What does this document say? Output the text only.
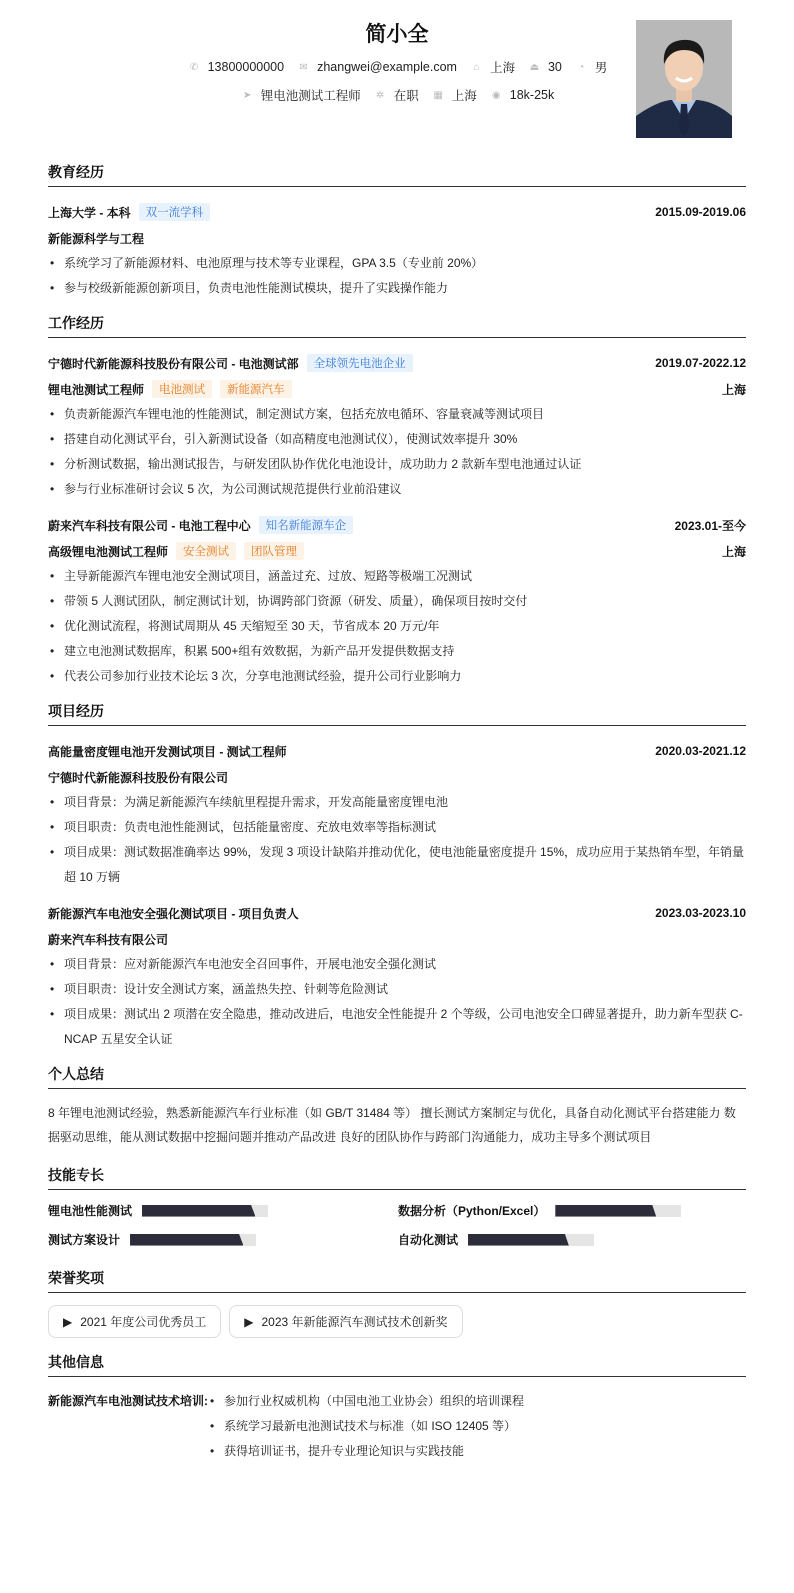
简小全
✆ 13800000000 ✉ zhangwei@example.com ⌂ 上海 ⏏ 30 ◔ 男
➤ 锂电池测试工程师 ✲ 在职 ▦ 上海 ◉ 18k-25k
教育经历
上海大学 - 本科	双一流学科	2015.09-2019.06
新能源科学与工程
• 系统学习了新能源材料、电池原理与技术等专业课程，GPA 3.5（专业前 20%）
• 参与校级新能源创新项目，负责电池性能测试模块，提升了实践操作能力
工作经历
宁德时代新能源科技股份有限公司 - 电池测试部	全球领先电池企业	2019.07-2022.12
锂电池测试工程师	电池测试	新能源汽车	上海
• 负责新能源汽车锂电池的性能测试，制定测试方案，包括充放电循环、容量衰减等测试项目
• 搭建自动化测试平台，引入新测试设备（如高精度电池测试仪），使测试效率提升 30%
• 分析测试数据，输出测试报告，与研发团队协作优化电池设计，成功助力 2 款新车型电池通过认证
• 参与行业标准研讨会议 5 次，为公司测试规范提供行业前沿建议
蔚来汽车科技有限公司 - 电池工程中心	知名新能源车企	2023.01-至今
高级锂电池测试工程师	安全测试	团队管理	上海
• 主导新能源汽车锂电池安全测试项目，涵盖过充、过放、短路等极端工况测试
• 带领 5 人测试团队，制定测试计划，协调跨部门资源（研发、质量），确保项目按时交付
• 优化测试流程，将测试周期从 45 天缩短至 30 天，节省成本 20 万元/年
• 建立电池测试数据库，积累 500+组有效数据，为新产品开发提供数据支持
• 代表公司参加行业技术论坛 3 次，分享电池测试经验，提升公司行业影响力
项目经历
高能量密度锂电池开发测试项目 - 测试工程师	2020.03-2021.12
宁德时代新能源科技股份有限公司
• 项目背景：为满足新能源汽车续航里程提升需求，开发高能量密度锂电池
• 项目职责：负责电池性能测试，包括能量密度、充放电效率等指标测试
• 项目成果：测试数据准确率达 99%，发现 3 项设计缺陷并推动优化，使电池能量密度提升 15%，成功应用于某热销车型，年销量超 10 万辆
新能源汽车电池安全强化测试项目 - 项目负责人	2023.03-2023.10
蔚来汽车科技有限公司
• 项目背景：应对新能源汽车电池安全召回事件，开展电池安全强化测试
• 项目职责：设计安全测试方案，涵盖热失控、针刺等危险测试
• 项目成果：测试出 2 项潜在安全隐患，推动改进后，电池安全性能提升 2 个等级，公司电池安全口碑显著提升，助力新车型获 C-NCAP 五星安全认证
个人总结
8 年锂电池测试经验，熟悉新能源汽车行业标准（如 GB/T 31484 等） 擅长测试方案制定与优化，具备自动化测试平台搭建能力 数据驱动思维，能从测试数据中挖掘问题并推动产品改进 良好的团队协作与跨部门沟通能力，成功主导多个测试项目
技能专长
锂电池性能测试	数据分析（Python/Excel）
测试方案设计	自动化测试
荣誉奖项
▶ 2021 年度公司优秀员工	▶ 2023 年新能源汽车测试技术创新奖
其他信息
新能源汽车电池测试技术培训:	• 参加行业权威机构（中国电池工业协会）组织的培训课程
• 系统学习最新电池测试技术与标准（如 ISO 12405 等）
• 获得培训证书，提升专业理论知识与实践技能
